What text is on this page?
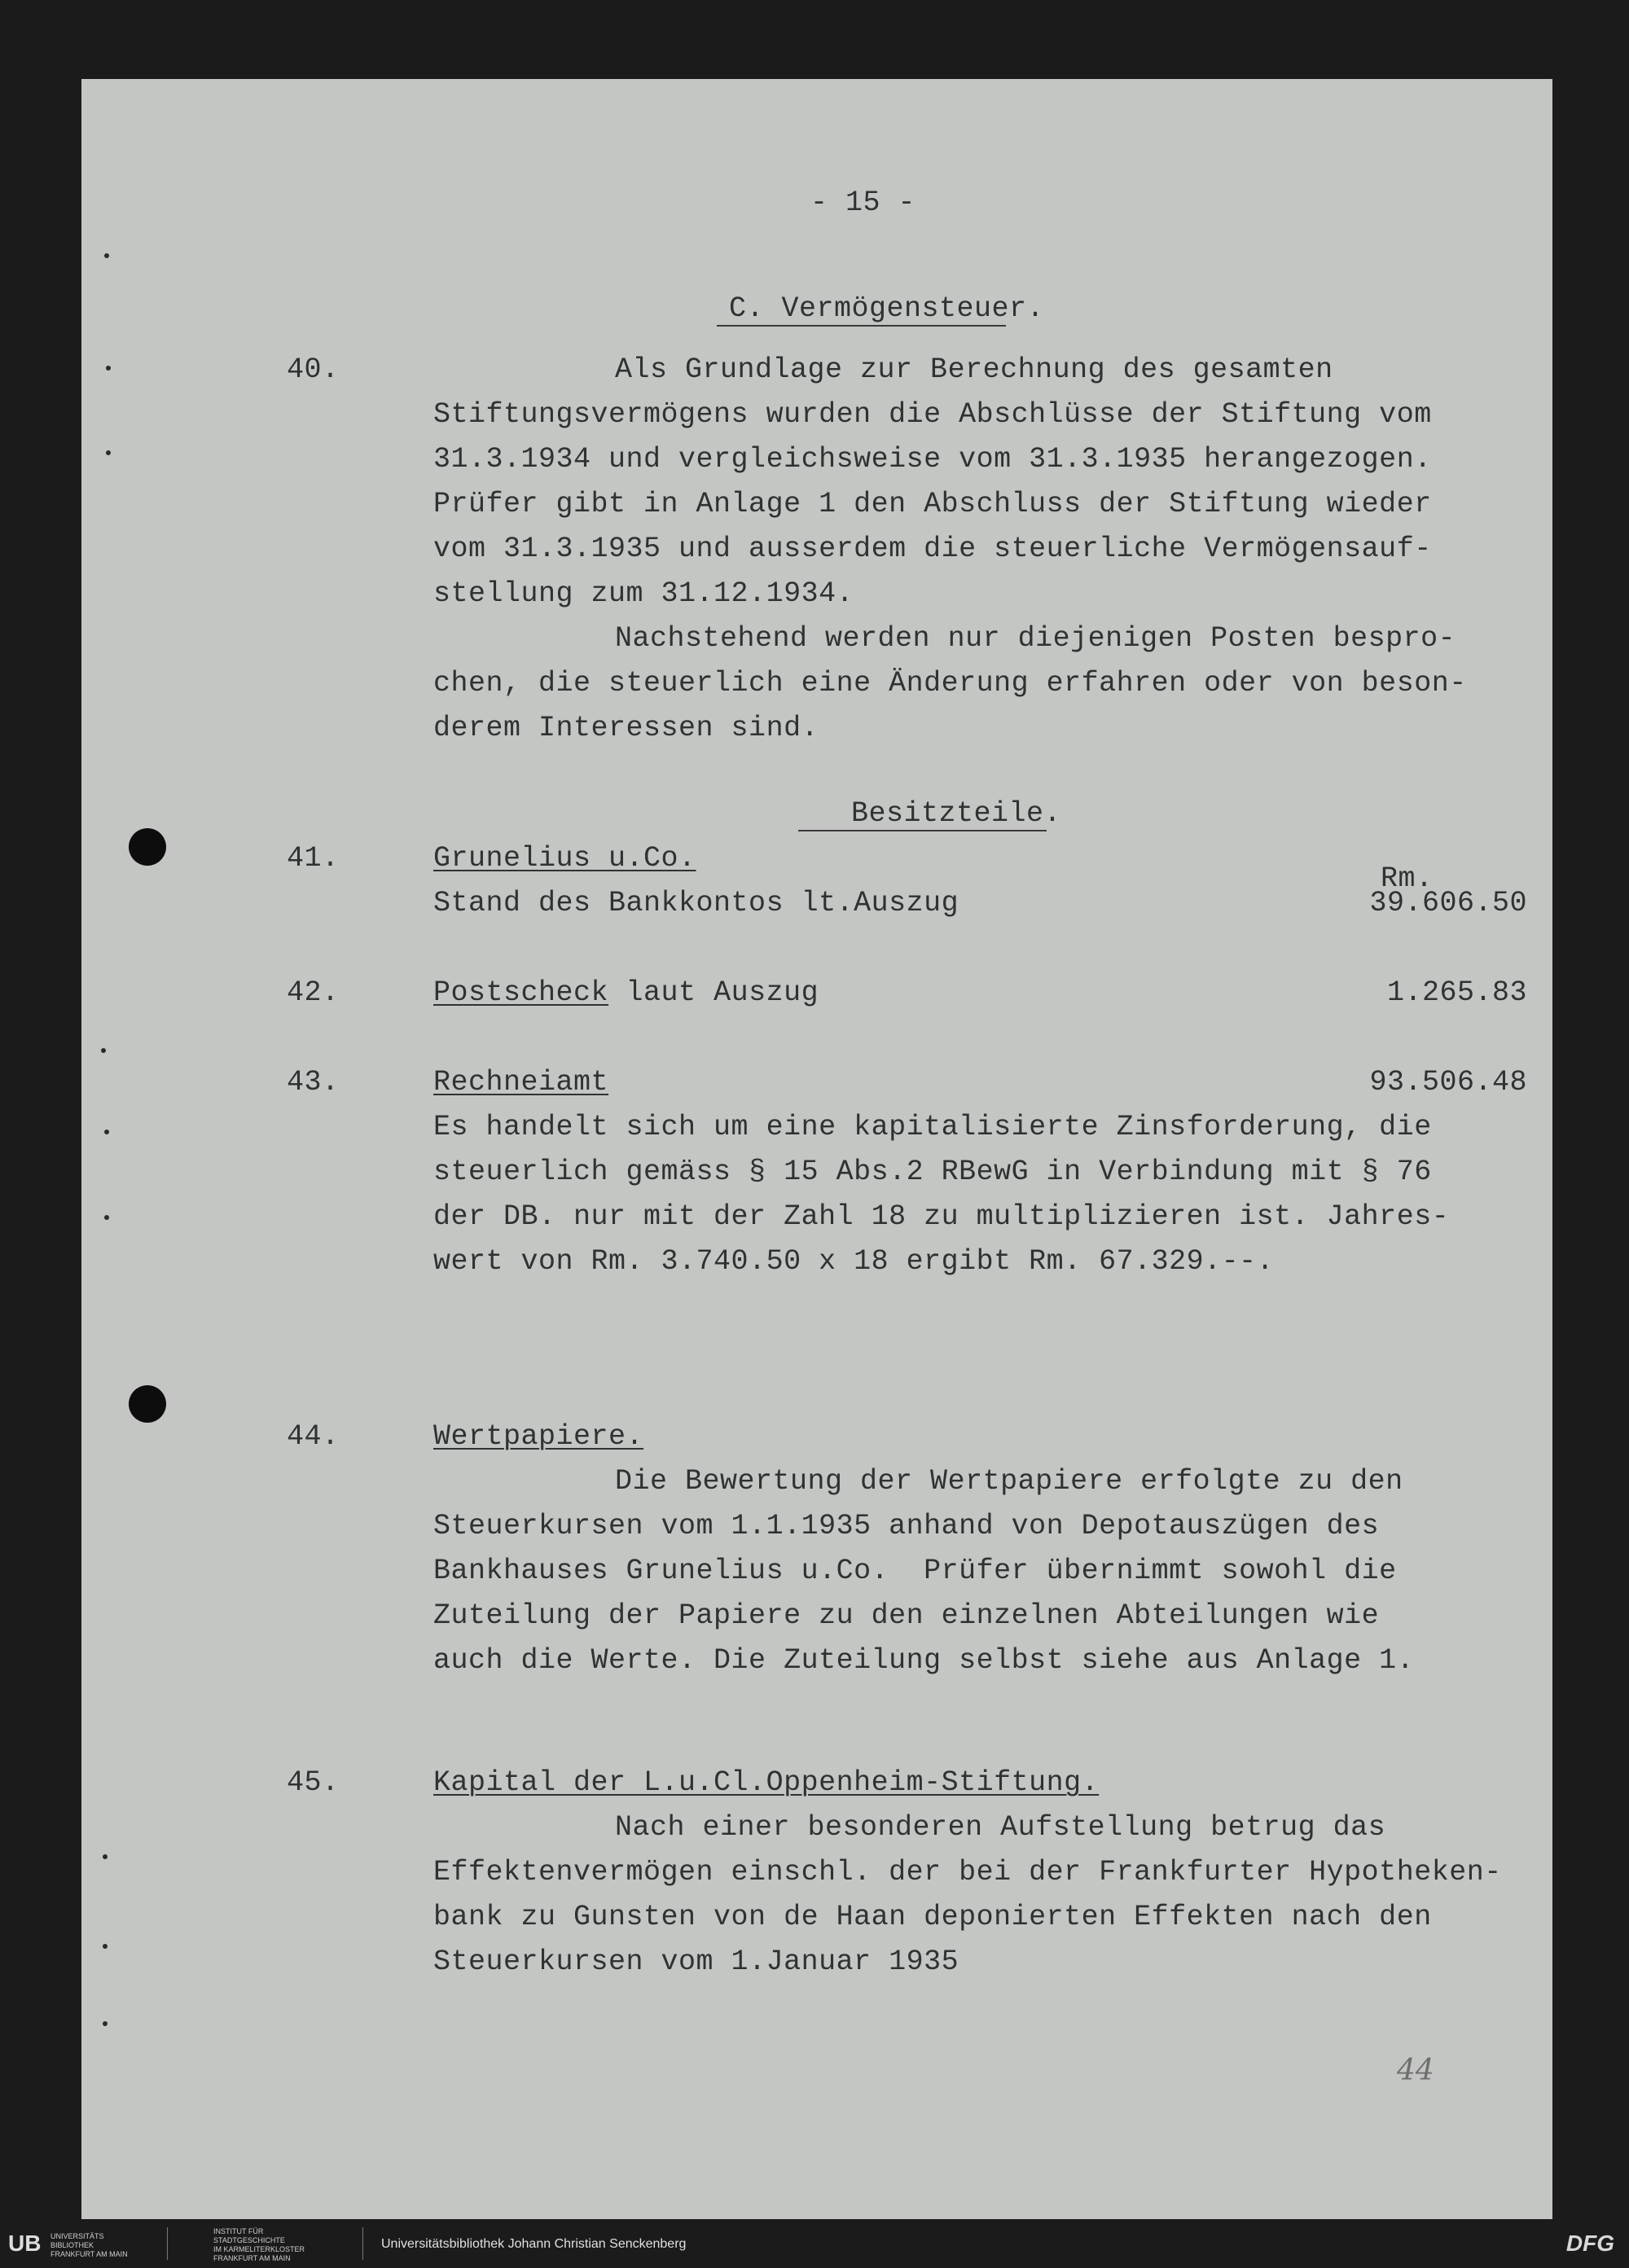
- 15 -

C. Vermögensteuer.

40.	Als Grundlage zur Berechnung des gesamten

Stiftungsvermögens wurden die Abschlüsse der Stiftung vom

31.3.1934 und vergleichsweise vom 31.3.1935 herangezogen.

Prüfer gibt in Anlage 1 den Abschluss der Stiftung wieder

vom 31.3.1935 und ausserdem die steuerliche Vermögensauf-

stellung zum 31.12.1934.

Nachstehend werden nur diejenigen Posten bespro-

chen, die steuerlich eine Änderung erfahren oder von beson-

derem Interessen sind.

Besitzteile.

41.	Grunelius u.Co.

Rm.

Stand des Bankkontos lt.Auszug	39.606.50

42.	Postscheck laut Auszug	1.265.83

43.	Rechneiamt	93.506.48

Es handelt sich um eine kapitalisierte Zinsforderung, die

steuerlich gemäss § 15 Abs.2 RBewG in Verbindung mit § 76

der DB. nur mit der Zahl 18 zu multiplizieren ist. Jahres-

wert von Rm. 3.740.50 x 18 ergibt Rm. 67.329.--.

44.	Wertpapiere.

Die Bewertung der Wertpapiere erfolgte zu den

Steuerkursen vom 1.1.1935 anhand von Depotauszügen des

Bankhauses Grunelius u.Co.  Prüfer übernimmt sowohl die

Zuteilung der Papiere zu den einzelnen Abteilungen wie

auch die Werte. Die Zuteilung selbst siehe aus Anlage 1.

45.	Kapital der L.u.Cl.Oppenheim-Stiftung.

Nach einer besonderen Aufstellung betrug das

Effektenvermögen einschl. der bei der Frankfurter Hypotheken-

bank zu Gunsten von de Haan deponierten Effekten nach den

Steuerkursen vom 1.Januar 1935

44
UB UNIVERSITÄTS
BIBLIOTHEK
FRANKFURT AM MAIN
INSTITUT FÜR
STADTGESCHICHTE
IM KARMELITERKLOSTER
FRANKFURT AM MAIN
Universitätsbibliothek Johann Christian Senckenberg	DFG
